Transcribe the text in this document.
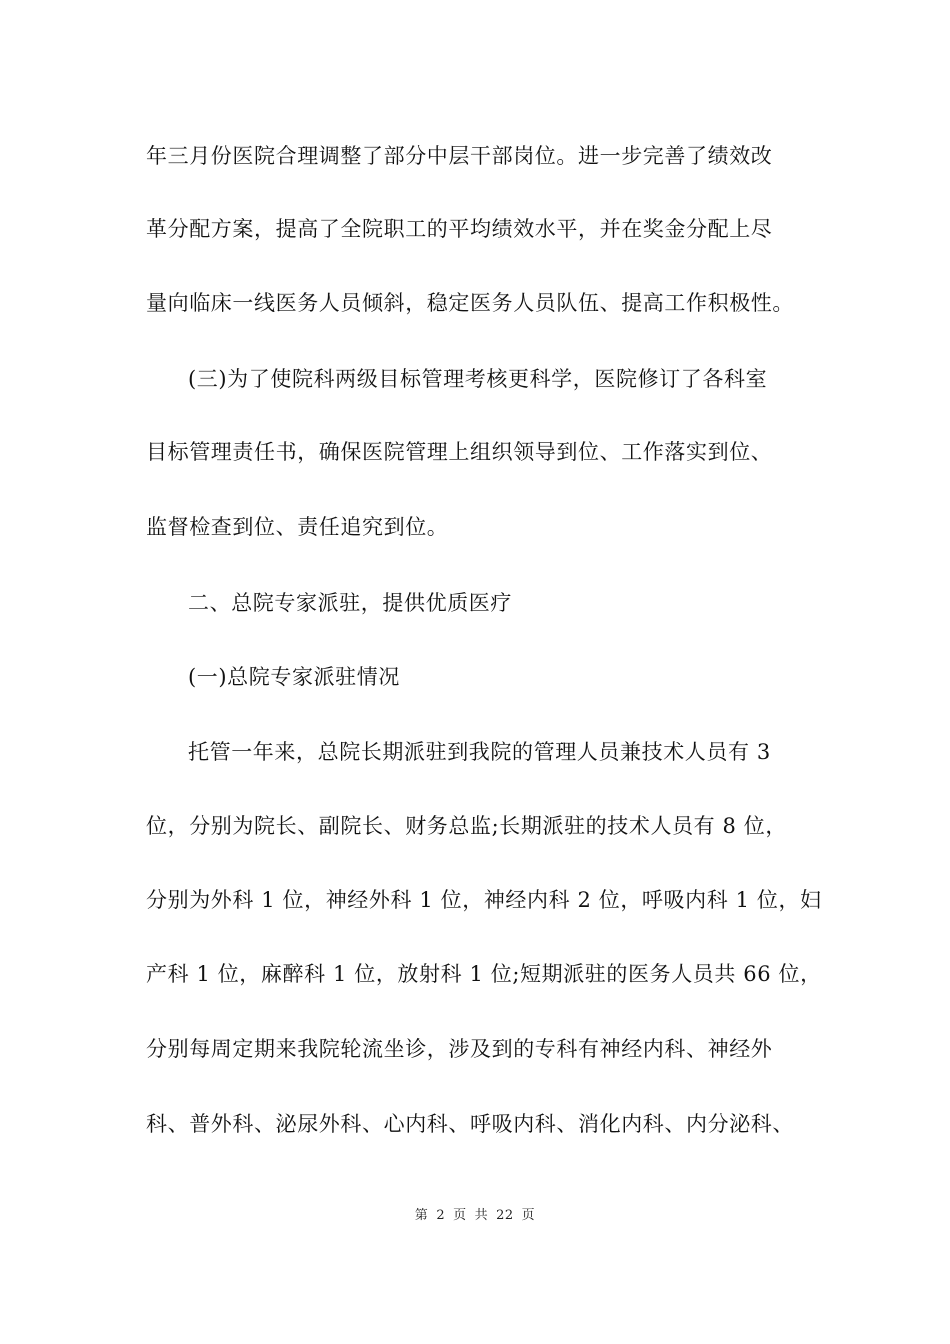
年三月份医院合理调整了部分中层干部岗位。进一步完善了绩效改
革分配方案，提高了全院职工的平均绩效水平，并在奖金分配上尽
量向临床一线医务人员倾斜，稳定医务人员队伍、提高工作积极性。
(三)为了使院科两级目标管理考核更科学，医院修订了各科室
目标管理责任书，确保医院管理上组织领导到位、工作落实到位、
监督检查到位、责任追究到位。
二、总院专家派驻，提供优质医疗
(一)总院专家派驻情况
托管一年来，总院长期派驻到我院的管理人员兼技术人员有 3
位，分别为院长、副院长、财务总监;长期派驻的技术人员有 8 位，
分别为外科 1 位，神经外科 1 位，神经内科 2 位，呼吸内科 1 位，妇
产科 1 位，麻醉科 1 位，放射科 1 位;短期派驻的医务人员共 66 位，
分别每周定期来我院轮流坐诊，涉及到的专科有神经内科、神经外
科、普外科、泌尿外科、心内科、呼吸内科、消化内科、内分泌科、
第 2 页 共 22 页
